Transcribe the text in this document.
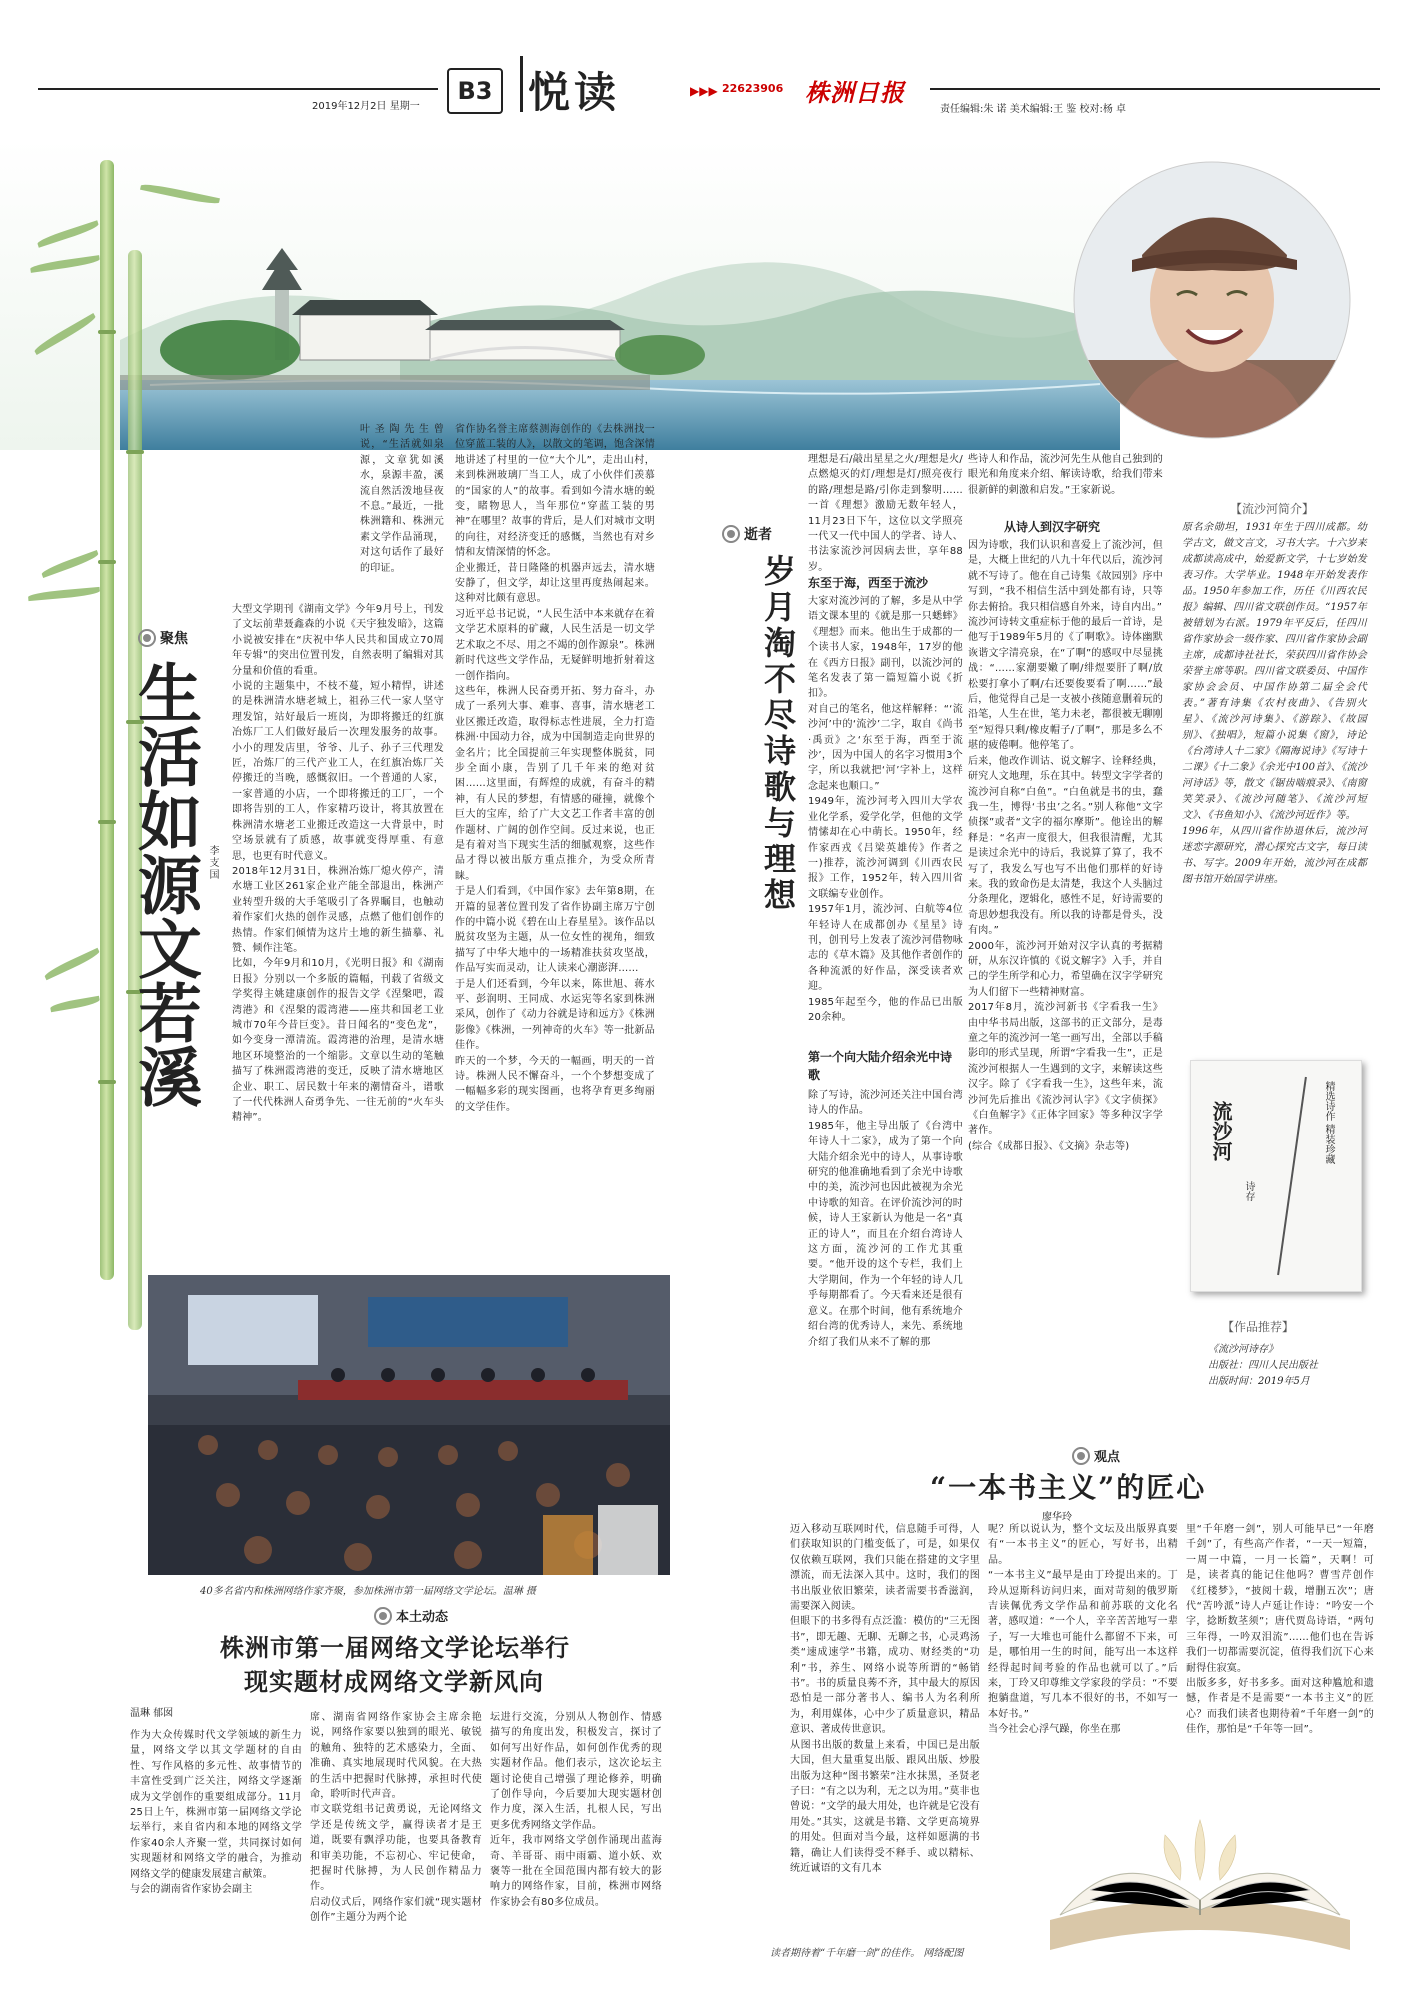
2019年12月2日 星期一
B3 悦读	▶▶▶ 22623906 株洲日报
责任编辑:朱 诺 美术编辑:王 鉴 校对:杨 卓
聚焦
生活如源文若溪 李支国
叶圣陶先生曾说，“生活就如泉源，文章犹如溪水，泉源丰盈，溪流自然活泼地昼夜不息。”最近，一批株洲籍和、株洲元素文学作品涌现，对这句话作了最好的印证。
大型文学期刊《湖南文学》今年9月号上，刊发了文坛前辈聂鑫森的小说《天宇独发暗》，这篇小说被安排在“庆祝中华人民共和国成立70周年专辑”的突出位置刊发，自然表明了编辑对其分量和价值的看重。
小说的主题集中，不枝不蔓，短小精悍，讲述的是株洲清水塘老城上，祖孙三代一家人坚守理发馆，站好最后一班岗，为即将搬迁的红旗冶炼厂工人们做好最后一次理发服务的故事。小小的理发店里，爷爷、儿子、孙子三代理发匠，冶炼厂的三代产业工人，在红旗冶炼厂关停搬迁的当晚，感慨叙旧。一个普通的人家，一家普通的小店，一个即将搬迁的工厂，一个即将告别的工人，作家精巧设计，将其放置在株洲清水塘老工业搬迁改造这一大背景中，时空场景就有了质感，故事就变得厚重、有意思，也更有时代意义。
2018年12月31日，株洲冶炼厂熄火停产，清水塘工业区261家企业产能全部退出，株洲产业转型升级的大手笔吸引了各界瞩目，也触动着作家们火热的创作灵感，点燃了他们创作的热情。作家们倾情为这片土地的新生描摹、礼赞、倾作注笔。
比如，今年9月和10月，《光明日报》和《湖南日报》分别以一个多版的篇幅，刊载了省级文学奖得主姚建康创作的报告文学《涅槃吧，霞湾港》和《涅槃的霞湾港——座共和国老工业城市70年今昔巨变》。昔日闻名的“变色龙”，如今变身一潭清流。霞湾港的治理，是清水塘地区环境整治的一个缩影。文章以生动的笔触描写了株洲霞湾港的变迁，反映了清水塘地区企业、职工、居民数十年来的潮情奋斗，谱歌了一代代株洲人奋勇争先、一往无前的“火车头精神”。
省作协名誉主席蔡测海创作的《去株洲找一位穿蓝工装的人》，以散文的笔调，饱含深情地讲述了村里的一位“大个儿”，走出山村，来到株洲玻璃厂当工人，成了小伙伴们羡慕的“国家的人”的故事。看到如今清水塘的蜕变，睹物思人，当年那位“穿蓝工装的男神”在哪里？故事的背后，是人们对城市文明的向往，对经济变迁的感慨，当然也有对乡情和友情深情的怀念。
企业搬迁，昔日隆隆的机器声远去，清水塘安静了，但文学，却让这里再度热闹起来。这种对比颇有意思。
习近平总书记说，“人民生活中本来就存在着文学艺术原料的矿藏，人民生活是一切文学艺术取之不尽、用之不竭的创作源泉”。株洲新时代这些文学作品，无疑鲜明地折射着这一创作指向。
这些年，株洲人民奋勇开拓、努力奋斗，办成了一系列大事、难事、喜事，清水塘老工业区搬迁改造，取得标志性进展，全力打造株洲·中国动力谷，成为中国制造走向世界的金名片；比全国提前三年实现整体脱贫，同步全面小康，告别了几千年来的绝对贫困……这里面，有辉煌的成就，有奋斗的精神，有人民的梦想，有情感的碰撞，就像个巨大的宝库，给了广大文艺工作者丰富的创作题材、广阔的创作空间。反过来说，也正是有着对当下现实生活的细腻观察，这些作品才得以被出版方重点推介，为受众所青睐。
于是人们看到，《中国作家》去年第8期，在开篇的显著位置刊发了省作协副主席万宁创作的中篇小说《碧在山上春星星》。该作品以脱贫攻坚为主题，从一位女性的视角，细致描写了中华大地中的一场精准扶贫攻坚战，作品写实而灵动，让人读来心潮澎湃……
于是人们还看到，今年以来，陈世旭、蒋水平、彭润明、王同成、水运宪等名家到株洲采风，创作了《动力谷就是诗和远方》《株洲影像》《株洲，一列神奇的火车》等一批新品佳作。
昨天的一个梦，今天的一幅画，明天的一首诗。株洲人民不懈奋斗，一个个梦想变成了一幅幅多彩的现实图画，也将孕育更多绚丽的文学佳作。
逝者
岁月淘不尽诗歌与理想
理想是石/敲出星星之火/理想是火/点燃熄灭的灯/理想是灯/照亮夜行的路/理想是路/引你走到黎明……一首《理想》激励无数年轻人，11月23日下午，这位以文学照亮一代又一代中国人的学者、诗人、书法家流沙河因病去世，享年88岁。
东至于海，西至于流沙
大家对流沙河的了解，多是从中学语文课本里的《就是那一只蟋蟀》《理想》而来。他出生于成都的一个读书人家，1948年，17岁的他在《西方日报》副刊，以流沙河的笔名发表了第一篇短篇小说《折扣》。
对自己的笔名，他这样解释：“‘流沙河’中的‘流沙’二字，取自《尚书·禹贡》之‘东至于海，西至于流沙’，因为中国人的名字习惯用3个字，所以我就把‘河’字补上，这样念起来也顺口。”
1949年，流沙河考入四川大学农业化学系，爱学化学，但他的文学情愫却在心中萌长。1950年，经作家西戎《吕梁英雄传》作者之一)推荐，流沙河调到《川西农民报》工作，1952年，转入四川省文联编专业创作。
1957年1月，流沙河、白航等4位年轻诗人在成都创办《星星》诗刊，创刊号上发表了流沙河借物咏志的《草木篇》及其他作者创作的各种流派的好作品，深受读者欢迎。
1985年起至今，他的作品已出版20余种。
第一个向大陆介绍余光中诗歌
除了写诗，流沙河还关注中国台湾诗人的作品。
1985年，他主导出版了《台湾中年诗人十二家》，成为了第一个向大陆介绍余光中的诗人，从事诗歌研究的他准确地看到了余光中诗歌中的美，流沙河也因此被视为余光中诗歌的知音。在评价流沙河的时候，诗人王家新认为他是一名“真正的诗人”，而且在介绍台湾诗人这方面，流沙河的工作尤其重要。“他开设的这个专栏，我们上大学期间，作为一个年轻的诗人几乎每期都看了。今天看来还是很有意义。在那个时间，他有系统地介绍台湾的优秀诗人，来先、系统地介绍了我们从来不了解的那
些诗人和作品，流沙河先生从他自己独到的眼光和角度来介绍、解读诗歌，给我们带来很新鲜的刺激和启发。”王家新说。
从诗人到汉字研究
因为诗歌，我们认识和喜爱上了流沙河，但是，大概上世纪的八九十年代以后，流沙河就不写诗了。他在自己诗集《故园别》序中写到，“我不相信生活中到处都有诗，只等你去俯拾。我只相信感自外来，诗自内出。”
流沙河诗转文重症标于他的最后一首诗，是他写于1989年5月的《了啊歌》。诗体幽默诙谐文字清亮泉，在“了啊”的感叹中尽显挑战：“……家潮要嫩了啊/绯煜要肝了啊/放松要打拿小了啊/右还要俊要看了啊……”最后，他觉得自己是一支被小孩随意删着玩的沿笔，人生在世，笔力未老，都很被无聊刚至“短得只剩/橡皮帽子/了啊”，那是多么不堪的疲倦啊。他停笔了。
后来，他改作训诂、说文解字、诠释经典，研究人文地理，乐在其中。转型文字学者的流沙河自称“白鱼”。“白鱼就是书的虫，蠢我一生，博得‘书虫’之名。”别人称他“文字侦探”或者“文字的福尔摩斯”。他诠出的解释是：“名声一度很大，但我很清醒，尤其是读过余光中的诗后，我说算了算了，我不写了，我发么写也写不出他们那样的好诗来。我的致命伤是太清楚，我这个人头脑过分条理化，逻辑化，感性不足，好诗需要的奇思妙想我没有。所以我的诗都是骨头，没有肉。”
2000年，流沙河开始对汉字认真的考据精研，从东汉许慎的《说文解字》入手，并自己的学生所学和心力，希望确在汉字学研究为人们留下一些精神财富。
2017年8月，流沙河新书《字看我一生》由中华书局出版，这部书的正文部分，是毒童之年的流沙河一笔一画写出，全部以手稿影印的形式呈现，所谓“字看我一生”，正是流沙河根据人一生遇到的文字，来解读这些汉字。除了《字看我一生》，这些年来，流沙河先后推出《流沙河认字》《文字侦探》《白鱼解字》《正体字回家》等多种汉字学著作。
(综合《成都日报》、《文摘》杂志等)
【流沙河简介】
原名余勋坦，1931年生于四川成都。幼学古文，做文言文，习书大字。十六岁来成都读高成中，始爱新文学，十七岁始发表习作。大学毕业。1948年开始发表作品。1950年参加工作，历任《川西农民报》编辑、四川省文联创作员。“1957年被错划为右派。1979年平反后，任四川省作家协会一级作家、四川省作家协会副主席，成都诗社社长，荣获四川省作协会荣誉主席等职。四川省文联委员、中国作家协会会员、中国作协第二届全会代表。”著有诗集《农村夜曲》、《告别火星》、《流沙河诗集》、《游踪》、《故园别》、《独唱》，短篇小说集《窗》，诗论《台湾诗人十二家》《隔海说诗》《写诗十二课》《十二象》《余光中100首》、《流沙河诗话》等，散文《锯齿啮痕录》、《南窗笑笑录》、《流沙河随笔》、《流沙河短文》、《书鱼知小》、《流沙河近作》等。
1996年，从四川省作协退休后，流沙河迷恋字源研究，潜心探究古文字，每日读书、写字。2009年开始，流沙河在成都图书馆开始国学讲座。
流沙河
诗存
精选诗作 精装珍藏
【作品推荐】
《流沙河诗存》
出版社：四川人民出版社
出版时间：2019年5月
40多名省内和株洲网络作家齐聚，参加株洲市第一届网络文学论坛。温琳 摄
本土动态
株洲市第一届网络文学论坛举行
现实题材成网络文学新风向
温琳 郁囡
作为大众传媒时代文学领域的新生力量，网络文学以其文学题材的自由性、写作风格的多元性、故事情节的丰富性受到广泛关注，网络文学逐渐成为文学创作的重要组成部分。11月25日上午，株洲市第一届网络文学论坛举行，来自省内和本地的网络文学作家40余人齐聚一堂，共同探讨如何实现题材和网络文学的融合，为推动网络文学的健康发展建言献策。
与会的湖南省作家协会副主
席、湖南省网络作家协会主席余艳说，网络作家要以独到的眼光、敏锐的触角、独特的艺术感染力，全面、准确、真实地展现时代风貌。在大热的生活中把握时代脉搏，承担时代使命，聆听时代声音。
市文联党组书记黄勇说，无论网络文学还是传统文学，赢得读者才是王道，既要有飘浮功能，也要具备教育和审美功能，不忘初心、牢记使命，把握时代脉搏，为人民创作精品力作。
启动仪式后，网络作家们就“现实题材创作”主题分为两个论
坛进行交流，分别从人物创作、情感描写的角度出发，积极发言，探讨了如何写出好作品，如何创作优秀的现实题材作品。他们表示，这次论坛主题讨论使自己增强了理论修养，明确了创作导向，今后要加大现实题材创作力度，深入生活，扎根人民，写出更多优秀网络文学作品。
近年，我市网络文学创作涌现出蓝海奇、羊哥哥、雨中雨霸、道小妖、欢褒等一批在全国范围内都有较大的影响力的网络作家，目前，株洲市网络作家协会有80多位成员。
观点
“一本书主义”的匠心
廖华玲
迈入移动互联网时代，信息随手可得，人们获取知识的门槛变低了，可是，如果仅仅依赖互联网，我们只能在搭建的文字里漂流，而无法深入其中。这时，我们的图书出版业依旧繁荣，读者需要书香滋润，需要深入阅读。
但眼下的书多得有点泛滥：模仿的“三无图书”，即无趣、无聊、无聊之书，心灵鸡汤类“速成速学”书籍，成功、财经类的“功利”书，养生、网络小说等所谓的“畅销书”。书的质量良莠不齐，其中最大的原因恐怕是一部分著书人、编书人为名利所为，利用媒体，心中少了质量意识，精品意识、著成传世意识。
从图书出版的数量上来看，中国已是出版大国，但大量重复出版、跟风出版、炒股出版为这种“图书繁荣”注水抹黑，圣贤老子曰：“有之以为利，无之以为用。”莫非也曾说：“文学的最大用处，也许就是它没有用处。”其实，这就是书籍、文学更高境界的用处。但面对当今最，这样如愿满的书籍，确让人们读得受不释手、或以精标、统近诚语的文有几本
呢？所以说认为，整个文坛及出版界真要有“一本书主义”的匠心，写好书，出精品。
“一本书主义”最早是由丁玲提出来的。丁玲从逗斯科访问归来，面对苛刻的俄罗斯吉读佩优秀文学作品和前苏联的文化名著，感叹道：“一个人，辛辛苦苦地写一辈子，写一大堆也可能什么都留不下来，可是，哪怕用一生的时间，能写出一本这样经得起时间考验的作品也就可以了。”后来，丁玲又印尊维文学家段的学员：“不要抱躺盘道，写几本不很好的书，不如写一本好书。”
当今社会心浮气躁，你坐在那
里“千年磨一剑”，别人可能早已“一年磨千剑”了，有些高产作者，“一天一短篇，一周一中篇，一月一长篇”，天啊！可是，读者真的能记住他吗？曹雪芹创作《红楼梦》，“披阅十载，增删五次”；唐代“苦吟派”诗人卢延让作诗：“吟安一个字，捻断数茎须”；唐代贾岛诗语，“两句三年得，一吟双泪流”……他们也在告诉我们一切都需要沉淀，值得我们沉下心来耐得住寂寞。
出版多多，好书多多。面对这种尴尬和遗憾，作者是不是需要“一本书主义”的匠心？而我们读者也期待着“千年磨一剑”的佳作，那怕是“千年等一回”。
读者期待着“千年磨一剑”的佳作。 网络配图
